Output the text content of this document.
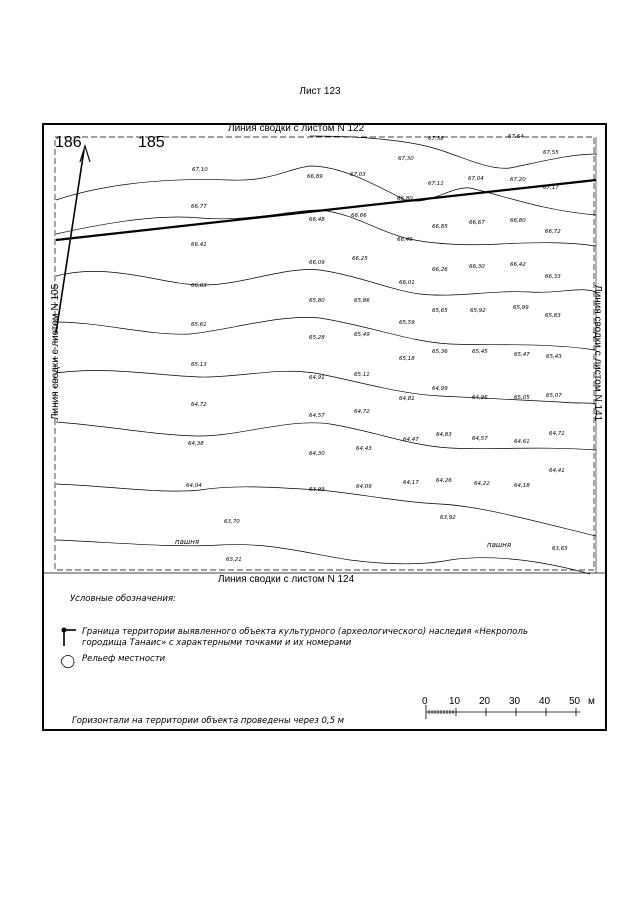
Лист 123
Линия сводки с листом N 122
Линия сводки с листом N 124
Линия сводки с листом N 105	Линия сводки с листом N 141
186	185
пашня	пашня
67,10
66,89	67,03
67,30
67,38
67,11
67,04	67,20
67,17
67,55
67,64
66,77
66,48
66,66
66,80
66,85
66,67	66,80
66,72
66,41
66,09
66,25
66,46
66,26	66,30	66,42
66,33
66,03
65,80	65,86
66,01
65,65	65,92	65,99
65,83
65,61
65,28	65,49
65,59
65,36	65,45	65,47	65,43
65,13
64,91	65,11
65,18
64,99
64,96	65,05	65,07
64,72
64,57
64,72
64,81
64,83
64,57	64,61
64,71
64,38
64,30
64,43
64,47
64,41
64,04
63,99	64,09
64,17	64,26	64,22	64,18
63,70
63,92
63,21
63,65
Условные обозначения:
Граница территории выявленного объекта культурного (археологического) наследия «Некрополь
городища Танаис» с характерными точками и их номерами
Рельеф местности
Горизонтали на территории объекта проведены через 0,5 м
0 10 20 30 40 50 м
